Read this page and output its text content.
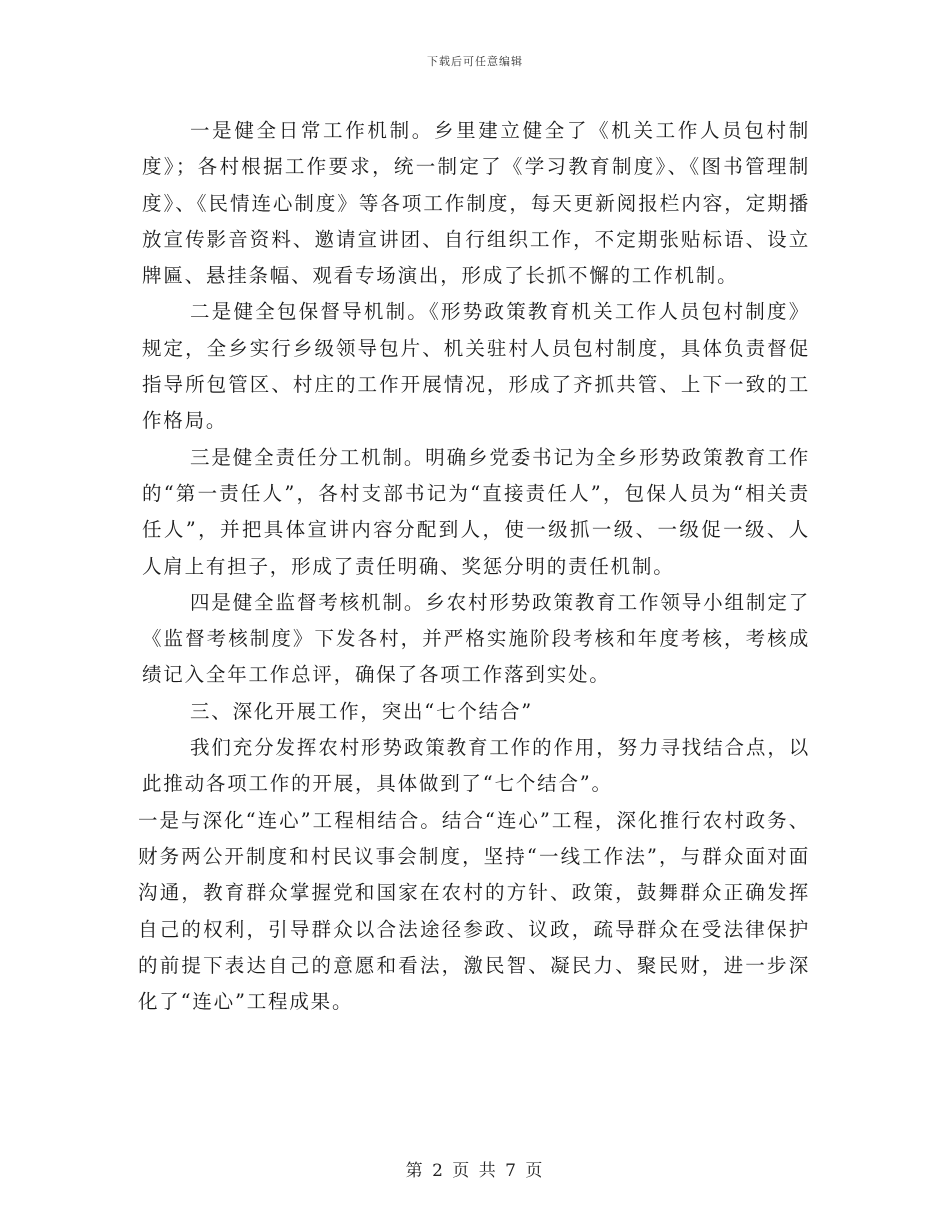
下载后可任意编辑

一是健全日常工作机制。乡里建立健全了《机关工作人员包村制度》；各村根据工作要求，统一制定了《学习教育制度》、《图书管理制度》、《民情连心制度》等各项工作制度，每天更新阅报栏内容，定期播放宣传影音资料、邀请宣讲团、自行组织工作，不定期张贴标语、设立牌匾、悬挂条幅、观看专场演出，形成了长抓不懈的工作机制。

二是健全包保督导机制。《形势政策教育机关工作人员包村制度》规定，全乡实行乡级领导包片、机关驻村人员包村制度，具体负责督促指导所包管区、村庄的工作开展情况，形成了齐抓共管、上下一致的工作格局。

三是健全责任分工机制。明确乡党委书记为全乡形势政策教育工作的“第一责任人”，各村支部书记为“直接责任人”，包保人员为“相关责任人”，并把具体宣讲内容分配到人，使一级抓一级、一级促一级、人人肩上有担子，形成了责任明确、奖惩分明的责任机制。

四是健全监督考核机制。乡农村形势政策教育工作领导小组制定了《监督考核制度》下发各村，并严格实施阶段考核和年度考核，考核成绩记入全年工作总评，确保了各项工作落到实处。

三、深化开展工作，突出“七个结合”

我们充分发挥农村形势政策教育工作的作用，努力寻找结合点，以此推动各项工作的开展，具体做到了“七个结合”。

一是与深化“连心”工程相结合。结合“连心”工程，深化推行农村政务、财务两公开制度和村民议事会制度，坚持“一线工作法”，与群众面对面沟通，教育群众掌握党和国家在农村的方针、政策，鼓舞群众正确发挥自己的权利，引导群众以合法途径参政、议政，疏导群众在受法律保护的前提下表达自己的意愿和看法，激民智、凝民力、聚民财，进一步深化了“连心”工程成果。

第 2 页 共 7 页
